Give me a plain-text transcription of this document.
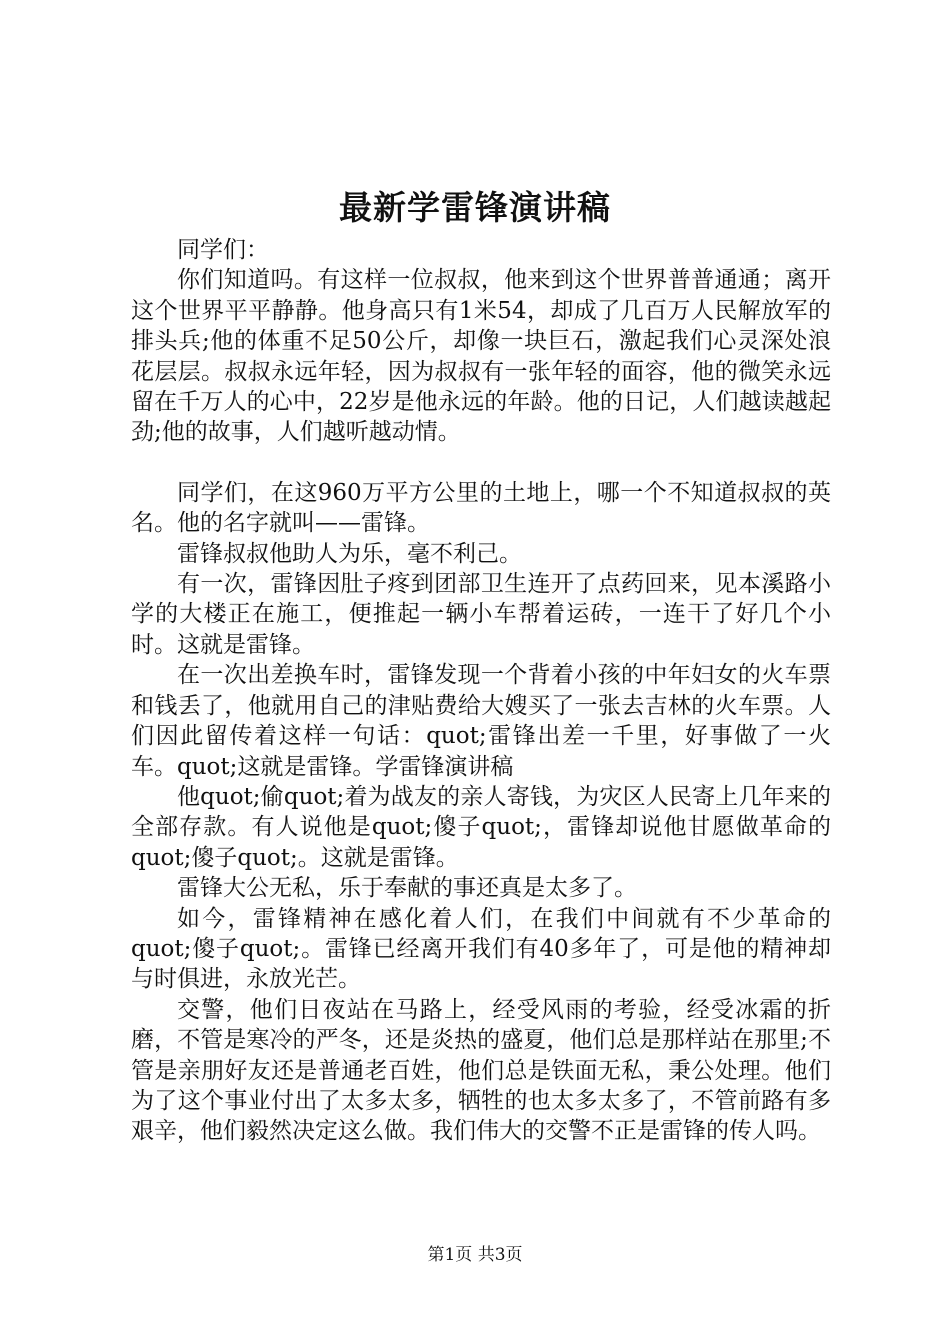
最新学雷锋演讲稿

同学们：

你们知道吗。有这样一位叔叔，他来到这个世界普普通通；离开这个世界平平静静。他身高只有1米54，却成了几百万人民解放军的排头兵;他的体重不足50公斤，却像一块巨石，激起我们心灵深处浪花层层。叔叔永远年轻，因为叔叔有一张年轻的面容，他的微笑永远留在千万人的心中，22岁是他永远的年龄。他的日记，人们越读越起劲;他的故事，人们越听越动情。

同学们，在这960万平方公里的土地上，哪一个不知道叔叔的英名。他的名字就叫——雷锋。

雷锋叔叔他助人为乐，毫不利己。

有一次，雷锋因肚子疼到团部卫生连开了点药回来，见本溪路小学的大楼正在施工，便推起一辆小车帮着运砖，一连干了好几个小时。这就是雷锋。

在一次出差换车时，雷锋发现一个背着小孩的中年妇女的火车票和钱丢了，他就用自己的津贴费给大嫂买了一张去吉林的火车票。人们因此留传着这样一句话：quot;雷锋出差一千里，好事做了一火车。quot;这就是雷锋。学雷锋演讲稿

他quot;偷quot;着为战友的亲人寄钱，为灾区人民寄上几年来的全部存款。有人说他是quot;傻子quot;，雷锋却说他甘愿做革命的quot;傻子quot;。这就是雷锋。

雷锋大公无私，乐于奉献的事还真是太多了。

如今，雷锋精神在感化着人们，在我们中间就有不少革命的quot;傻子quot;。雷锋已经离开我们有40多年了，可是他的精神却与时俱进，永放光芒。

交警，他们日夜站在马路上，经受风雨的考验，经受冰霜的折磨，不管是寒冷的严冬，还是炎热的盛夏，他们总是那样站在那里;不管是亲朋好友还是普通老百姓，他们总是铁面无私，秉公处理。他们为了这个事业付出了太多太多，牺牲的也太多太多了，不管前路有多艰辛，他们毅然决定这么做。我们伟大的交警不正是雷锋的传人吗。

第1页 共3页
